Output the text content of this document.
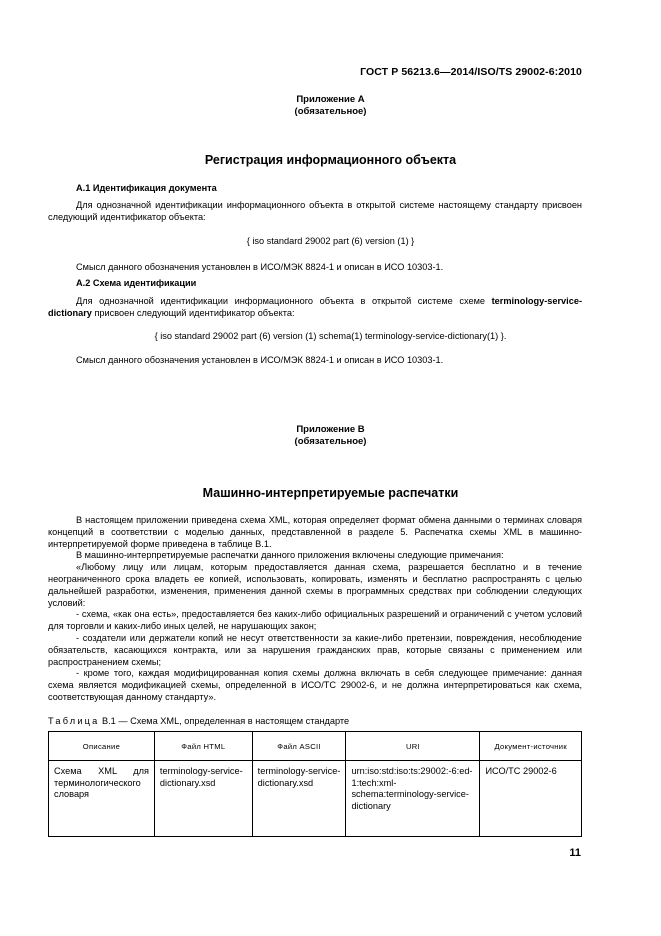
ГОСТ Р 56213.6—2014/ISO/TS 29002-6:2010
Приложение А
(обязательное)
Регистрация информационного объекта
А.1 Идентификация документа

Для однозначной идентификации информационного объекта в открытой системе настоящему стандарту присвоен следующий идентификатор объекта:

{ iso standard 29002 part (6) version (1) }
Смысл данного обозначения установлен в ИСО/МЭК 8824-1 и описан в ИСО 10303-1.
А.2 Схема идентификации

Для однозначной идентификации информационного объекта в открытой системе схеме terminology-service-dictionary присвоен следующий идентификатор объекта:

{ iso standard 29002 part (6) version (1) schema(1) terminology-service-dictionary(1) }.
Смысл данного обозначения установлен в ИСО/МЭК 8824-1 и описан в ИСО 10303-1.
Приложение В
(обязательное)
Машинно-интерпретируемые распечатки

В настоящем приложении приведена схема XML, которая определяет формат обмена данными о терминах словаря концепций в соответствии с моделью данных, представленной в разделе 5. Распечатка схемы XML в машинно-интерпретируемой форме приведена в таблице В.1.

В машинно-интерпретируемые распечатки данного приложения включены следующие примечания:

«Любому лицу или лицам, которым предоставляется данная схема, разрешается бесплатно и в течение неограниченного срока владеть ее копией, использовать, копировать, изменять и бесплатно распространять с целью дальнейшей разработки, изменения, применения данной схемы в программных средствах при соблюдении следующих условий:

- схема, «как она есть», предоставляется без каких-либо официальных разрешений и ограничений с учетом условий для торговли и каких-либо иных целей, не нарушающих закон;

- создатели или держатели копий не несут ответственности за какие-либо претензии, повреждения, несоблюдение обязательств, касающихся контракта, или за нарушения гражданских прав, которые связаны с применением или распространением схемы;

- кроме того, каждая модифицированная копия схемы должна включать в себя следующее примечание: данная схема является модификацией схемы, определенной в ИСО/ТС 29002-6, и не должна интерпретироваться как схема, соответствующая данному стандарту».

Таблица В.1 — Схема XML, определенная в настоящем стандарте
Описание	Файл HTML	Файл ASCII	URI	Документ-источник
Схема XML для терминологического словаря	terminology-service-dictionary.xsd	terminology-service-dictionary.xsd	urn:iso:std:iso:ts:29002:-6:ed-1:tech:xml-schema:terminology-service-dictionary	ИСО/ТС 29002-6
11
